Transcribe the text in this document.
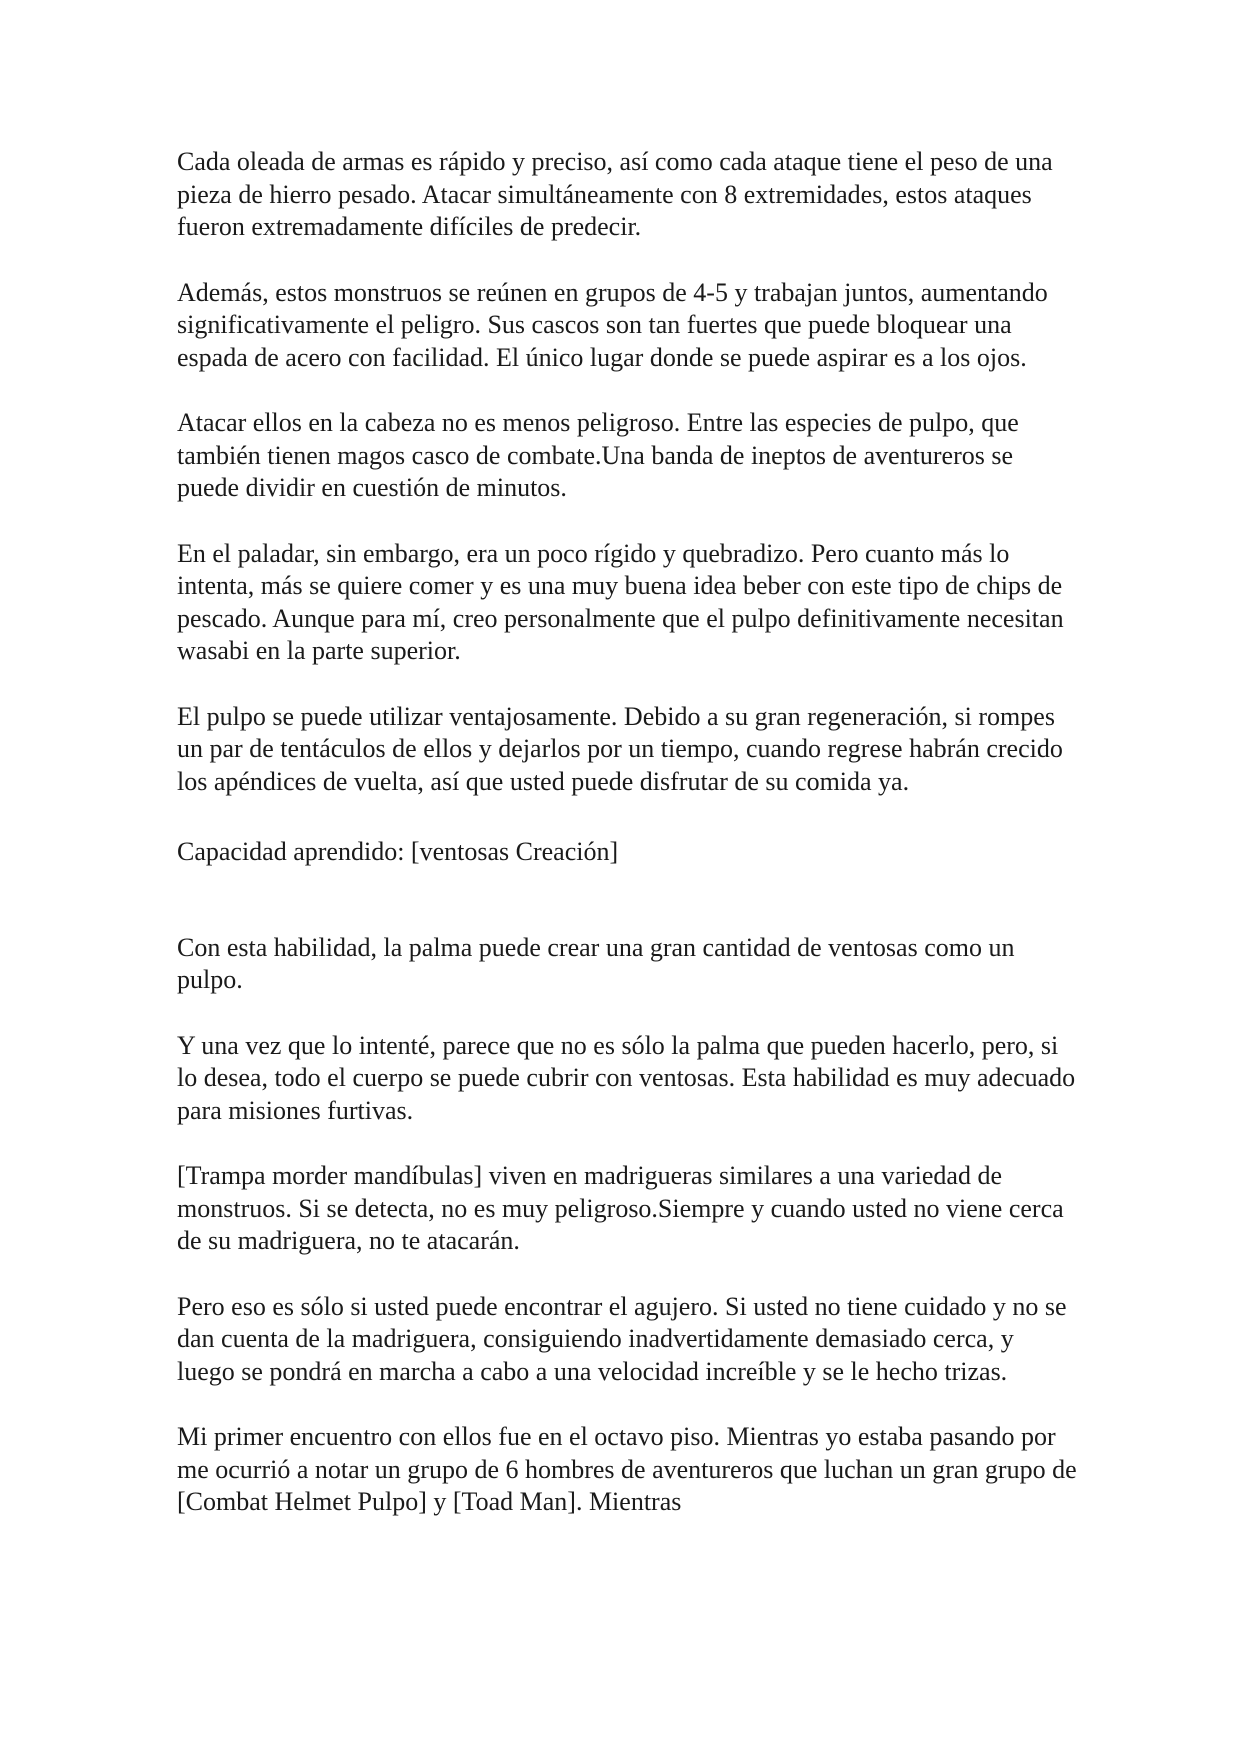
Cada oleada de armas es rápido y preciso, así como cada ataque tiene el peso de una pieza de hierro pesado. Atacar simultáneamente con 8 extremidades, estos ataques fueron extremadamente difíciles de predecir.

Además, estos monstruos se reúnen en grupos de 4-5 y trabajan juntos, aumentando significativamente el peligro. Sus cascos son tan fuertes que puede bloquear una espada de acero con facilidad. El único lugar donde se puede aspirar es a los ojos.

Atacar ellos en la cabeza no es menos peligroso. Entre las especies de pulpo, que también tienen magos casco de combate.Una banda de ineptos de aventureros se puede dividir en cuestión de minutos.

En el paladar, sin embargo, era un poco rígido y quebradizo. Pero cuanto más lo intenta, más se quiere comer y es una muy buena idea beber con este tipo de chips de pescado. Aunque para mí, creo personalmente que el pulpo definitivamente necesitan wasabi en la parte superior.

El pulpo se puede utilizar ventajosamente. Debido a su gran regeneración, si rompes un par de tentáculos de ellos y dejarlos por un tiempo, cuando regrese habrán crecido los apéndices de vuelta, así que usted puede disfrutar de su comida ya.

Capacidad aprendido: [ventosas Creación]

Con esta habilidad, la palma puede crear una gran cantidad de ventosas como un pulpo.

Y una vez que lo intenté, parece que no es sólo la palma que pueden hacerlo, pero, si lo desea, todo el cuerpo se puede cubrir con ventosas. Esta habilidad es muy adecuado para misiones furtivas.

[Trampa morder mandíbulas] viven en madrigueras similares a una variedad de monstruos. Si se detecta, no es muy peligroso.Siempre y cuando usted no viene cerca de su madriguera, no te atacarán.

Pero eso es sólo si usted puede encontrar el agujero. Si usted no tiene cuidado y no se dan cuenta de la madriguera, consiguiendo inadvertidamente demasiado cerca, y luego se pondrá en marcha a cabo a una velocidad increíble y se le hecho trizas.

Mi primer encuentro con ellos fue en el octavo piso. Mientras yo estaba pasando por me ocurrió a notar un grupo de 6 hombres de aventureros que luchan un gran grupo de [Combat Helmet Pulpo] y [Toad Man]. Mientras
